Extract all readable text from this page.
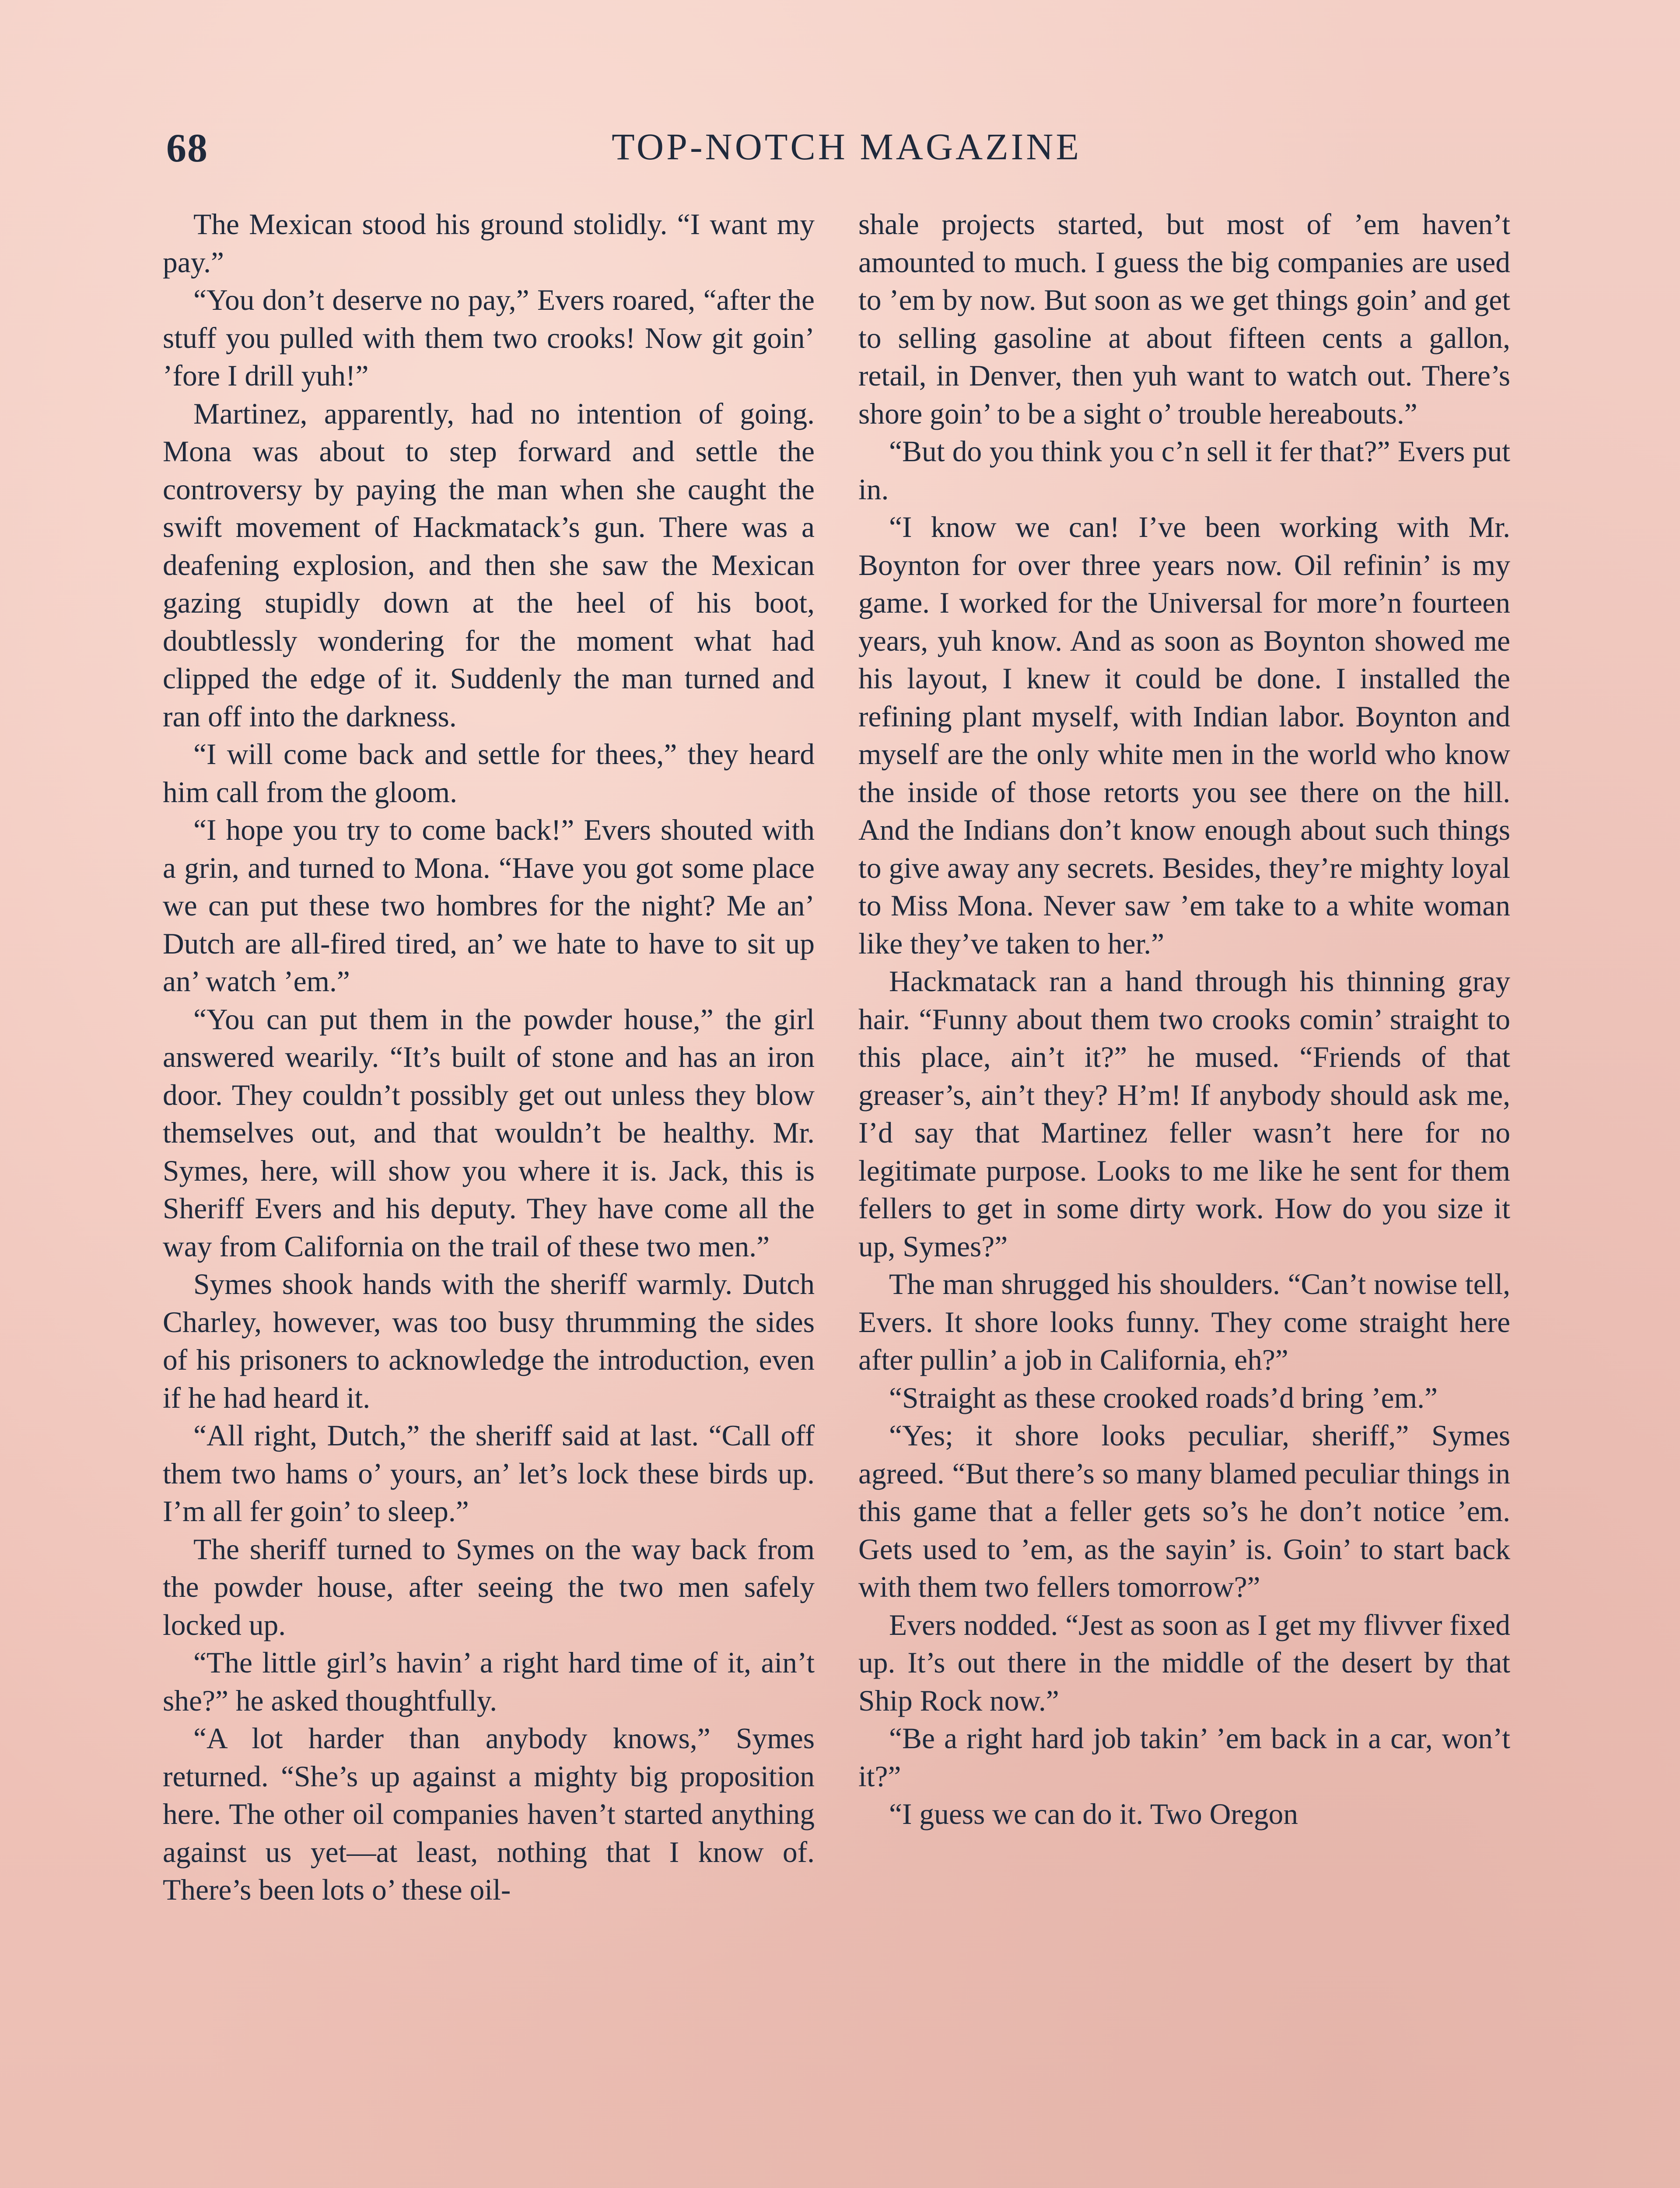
68	TOP-NOTCH MAGAZINE

The Mexican stood his ground stolidly. “I want my pay.”

“You don’t deserve no pay,” Evers roared, “after the stuff you pulled with them two crooks! Now git goin’ ’fore I drill yuh!”

Martinez, apparently, had no intention of going. Mona was about to step forward and settle the controversy by paying the man when she caught the swift movement of Hackmatack’s gun. There was a deafening explosion, and then she saw the Mexican gazing stupidly down at the heel of his boot, doubtlessly wondering for the moment what had clipped the edge of it. Suddenly the man turned and ran off into the darkness.

“I will come back and settle for thees,” they heard him call from the gloom.

“I hope you try to come back!” Evers shouted with a grin, and turned to Mona. “Have you got some place we can put these two hombres for the night? Me an’ Dutch are all-fired tired, an’ we hate to have to sit up an’ watch ’em.”

“You can put them in the powder house,” the girl answered wearily. “It’s built of stone and has an iron door. They couldn’t possibly get out unless they blow themselves out, and that wouldn’t be healthy. Mr. Symes, here, will show you where it is. Jack, this is Sheriff Evers and his deputy. They have come all the way from California on the trail of these two men.”

Symes shook hands with the sheriff warmly. Dutch Charley, however, was too busy thrumming the sides of his prisoners to acknowledge the introduction, even if he had heard it.

“All right, Dutch,” the sheriff said at last. “Call off them two hams o’ yours, an’ let’s lock these birds up. I’m all fer goin’ to sleep.”

The sheriff turned to Symes on the way back from the powder house, after seeing the two men safely locked up.

“The little girl’s havin’ a right hard time of it, ain’t she?” he asked thoughtfully.

“A lot harder than anybody knows,” Symes returned. “She’s up against a mighty big proposition here. The other oil companies haven’t started anything against us yet—at least, nothing that I know of. There’s been lots o’ these oil-

shale projects started, but most of ’em haven’t amounted to much. I guess the big companies are used to ’em by now. But soon as we get things goin’ and get to selling gasoline at about fifteen cents a gallon, retail, in Denver, then yuh want to watch out. There’s shore goin’ to be a sight o’ trouble hereabouts.”

“But do you think you c’n sell it fer that?” Evers put in.

“I know we can! I’ve been working with Mr. Boynton for over three years now. Oil refinin’ is my game. I worked for the Universal for more’n fourteen years, yuh know. And as soon as Boynton showed me his layout, I knew it could be done. I installed the refining plant myself, with Indian labor. Boynton and myself are the only white men in the world who know the inside of those retorts you see there on the hill. And the Indians don’t know enough about such things to give away any secrets. Besides, they’re mighty loyal to Miss Mona. Never saw ’em take to a white woman like they’ve taken to her.”

Hackmatack ran a hand through his thinning gray hair. “Funny about them two crooks comin’ straight to this place, ain’t it?” he mused. “Friends of that greaser’s, ain’t they? H’m! If anybody should ask me, I’d say that Martinez feller wasn’t here for no legitimate purpose. Looks to me like he sent for them fellers to get in some dirty work. How do you size it up, Symes?”

The man shrugged his shoulders. “Can’t nowise tell, Evers. It shore looks funny. They come straight here after pullin’ a job in California, eh?”

“Straight as these crooked roads’d bring ’em.”

“Yes; it shore looks peculiar, sheriff,” Symes agreed. “But there’s so many blamed peculiar things in this game that a feller gets so’s he don’t notice ’em. Gets used to ’em, as the sayin’ is. Goin’ to start back with them two fellers tomorrow?”

Evers nodded. “Jest as soon as I get my flivver fixed up. It’s out there in the middle of the desert by that Ship Rock now.”

“Be a right hard job takin’ ’em back in a car, won’t it?”

“I guess we can do it. Two Oregon
